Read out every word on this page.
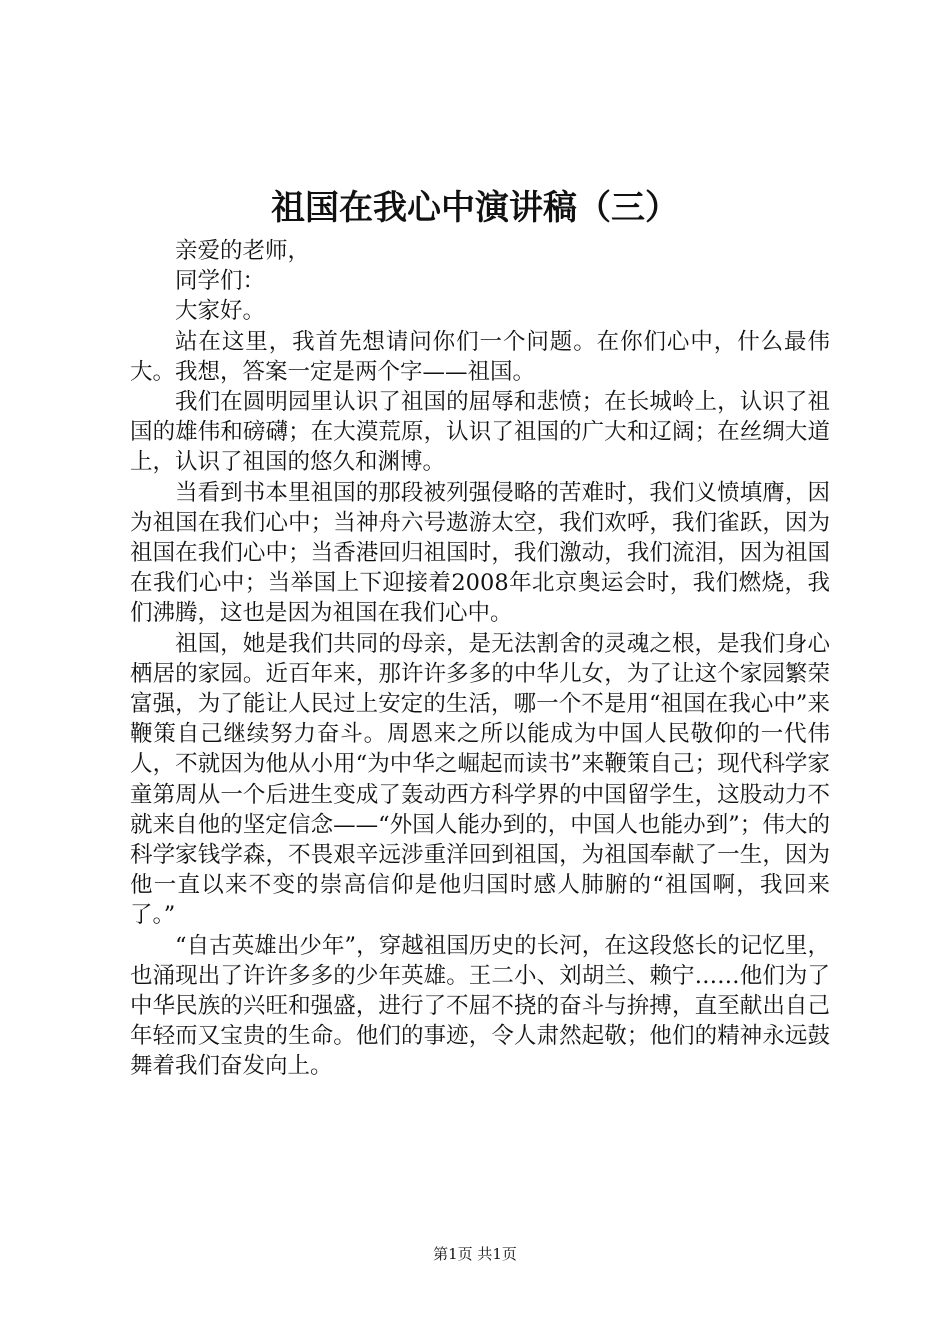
祖国在我心中演讲稿（三）

亲爱的老师，

同学们：

大家好。

站在这里，我首先想请问你们一个问题。在你们心中，什么最伟大。我想，答案一定是两个字——祖国。

我们在圆明园里认识了祖国的屈辱和悲愤；在长城岭上，认识了祖国的雄伟和磅礴；在大漠荒原，认识了祖国的广大和辽阔；在丝绸大道上，认识了祖国的悠久和渊博。

当看到书本里祖国的那段被列强侵略的苦难时，我们义愤填膺，因为祖国在我们心中；当神舟六号遨游太空，我们欢呼，我们雀跃，因为祖国在我们心中；当香港回归祖国时，我们激动，我们流泪，因为祖国在我们心中；当举国上下迎接着2008年北京奥运会时，我们燃烧，我们沸腾，这也是因为祖国在我们心中。

祖国，她是我们共同的母亲，是无法割舍的灵魂之根，是我们身心栖居的家园。近百年来，那许许多多的中华儿女，为了让这个家园繁荣富强，为了能让人民过上安定的生活，哪一个不是用“祖国在我心中”来鞭策自己继续努力奋斗。周恩来之所以能成为中国人民敬仰的一代伟人，不就因为他从小用“为中华之崛起而读书”来鞭策自己；现代科学家童第周从一个后进生变成了轰动西方科学界的中国留学生，这股动力不就来自他的坚定信念——“外国人能办到的，中国人也能办到”；伟大的科学家钱学森，不畏艰辛远涉重洋回到祖国，为祖国奉献了一生，因为他一直以来不变的崇高信仰是他归国时感人肺腑的“祖国啊，我回来了。”

“自古英雄出少年”，穿越祖国历史的长河，在这段悠长的记忆里，也涌现出了许许多多的少年英雄。王二小、刘胡兰、赖宁……他们为了中华民族的兴旺和强盛，进行了不屈不挠的奋斗与拚搏，直至献出自己年轻而又宝贵的生命。他们的事迹，令人肃然起敬；他们的精神永远鼓舞着我们奋发向上。

第1页 共1页
